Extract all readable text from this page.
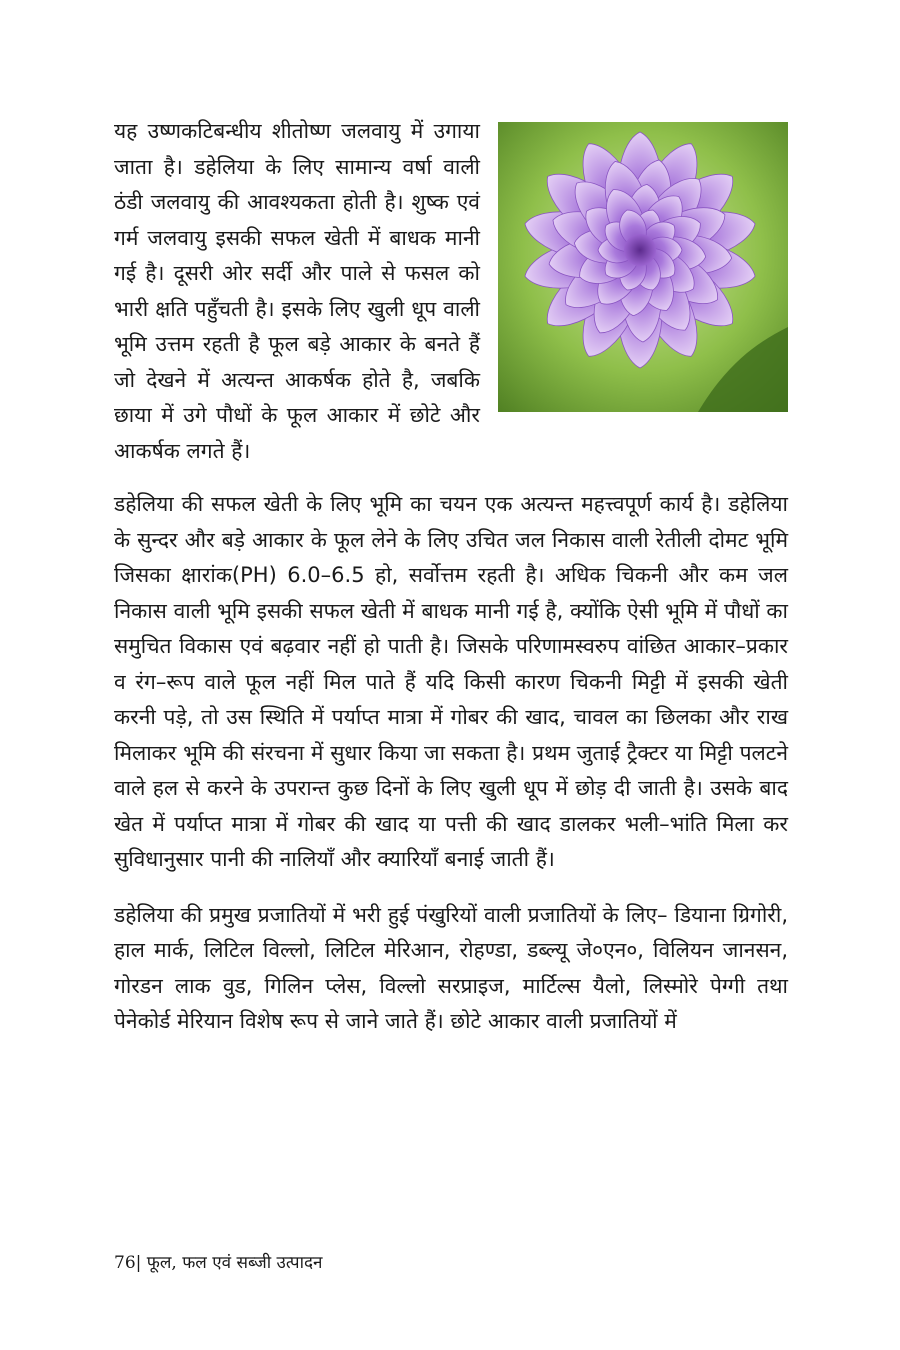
यह उष्णकटिबन्धीय शीतोष्ण जलवायु में उगाया जाता है। डहेलिया के लिए सामान्य वर्षा वाली ठंडी जलवायु की आवश्यकता होती है। शुष्क एवं गर्म जलवायु इसकी सफल खेती में बाधक मानी गई है। दूसरी ओर सर्दी और पाले से फसल को भारी क्षति पहुँचती है। इसके लिए खुली धूप वाली भूमि उत्तम रहती है फूल बड़े आकार के बनते हैं जो देखने में अत्यन्त आकर्षक होते है, जबकि छाया में उगे पौधों के फूल आकार में छोटे और आकर्षक लगते हैं।

डहेलिया की सफल खेती के लिए भूमि का चयन एक अत्यन्त महत्त्वपूर्ण कार्य है। डहेलिया के सुन्दर और बड़े आकार के फूल लेने के लिए उचित जल निकास वाली रेतीली दोमट भूमि जिसका क्षारांक(PH) 6.0–6.5 हो, सर्वोत्तम रहती है। अधिक चिकनी और कम जल निकास वाली भूमि इसकी सफल खेती में बाधक मानी गई है, क्योंकि ऐसी भूमि में पौधों का समुचित विकास एवं बढ़वार नहीं हो पाती है। जिसके परिणामस्वरुप वांछित आकार–प्रकार व रंग–रूप वाले फूल नहीं मिल पाते हैं यदि किसी कारण चिकनी मिट्टी में इसकी खेती करनी पड़े, तो उस स्थिति में पर्याप्त मात्रा में गोबर की खाद, चावल का छिलका और राख मिलाकर भूमि की संरचना में सुधार किया जा सकता है। प्रथम जुताई ट्रैक्टर या मिट्टी पलटने वाले हल से करने के उपरान्त कुछ दिनों के लिए खुली धूप में छोड़ दी जाती है। उसके बाद खेत में पर्याप्त मात्रा में गोबर की खाद या पत्ती की खाद डालकर भली–भांति मिला कर सुविधानुसार पानी की नालियाँ और क्यारियाँ बनाई जाती हैं।

डहेलिया की प्रमुख प्रजातियों में भरी हुई पंखुरियों वाली प्रजातियों के लिए– डियाना ग्रिगोरी, हाल मार्क, लिटिल विल्लो, लिटिल मेरिआन, रोहण्डा, डब्ल्यू जे०एन०, विलियन जानसन, गोरडन लाक वुड, गिलिन प्लेस, विल्लो सरप्राइज, मार्टिल्स यैलो, लिस्मोरे पेग्गी तथा पेनेकोर्ड मेरियान विशेष रूप से जाने जाते हैं। छोटे आकार वाली प्रजातियों में

76| फूल, फल एवं सब्जी उत्पादन
